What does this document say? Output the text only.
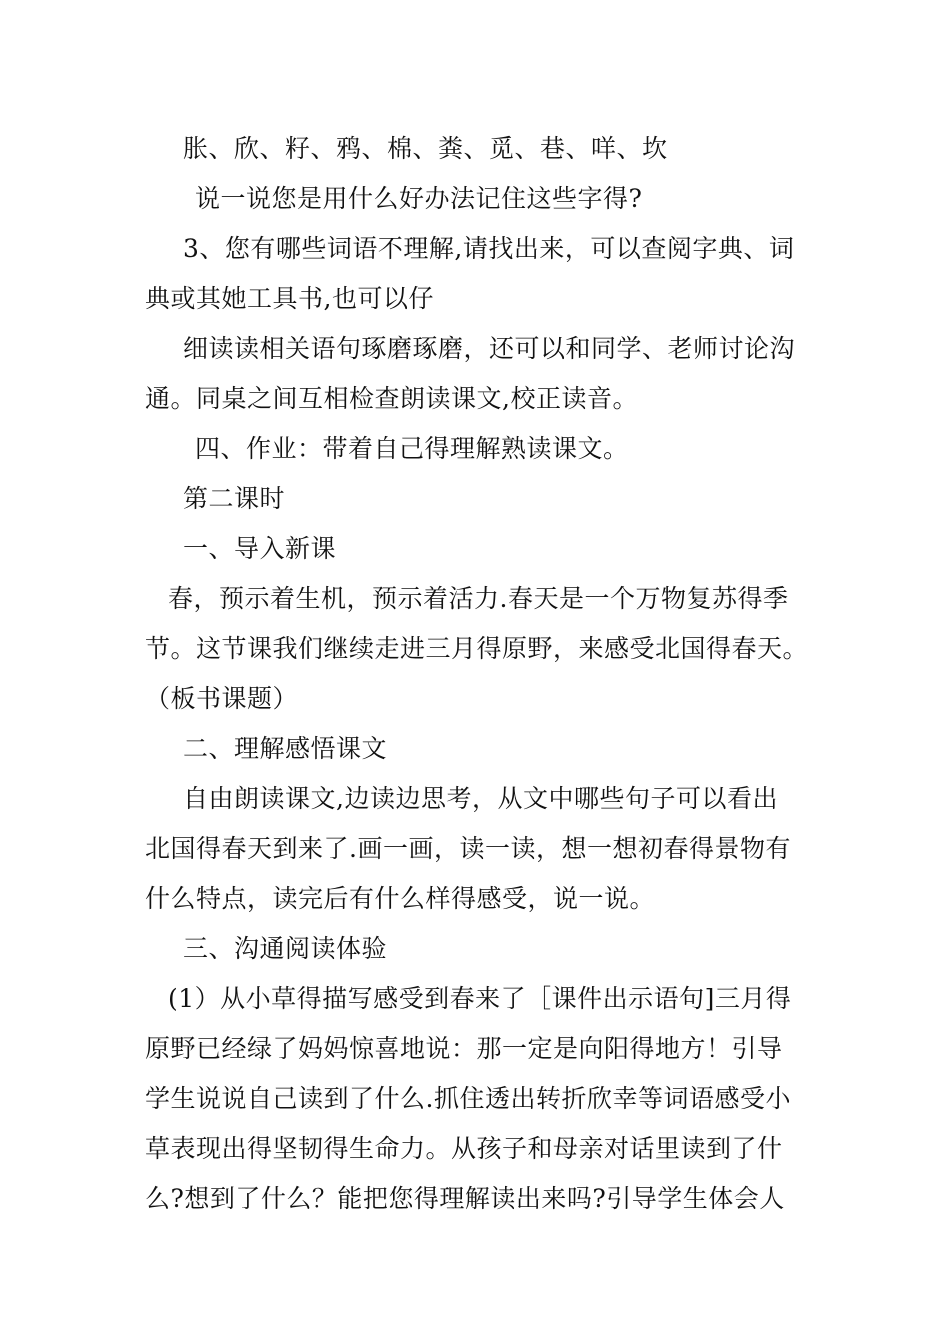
胀、欣、籽、鸦、棉、粪、觅、巷、咩、坎
说一说您是用什么好办法记住这些字得?
3、您有哪些词语不理解,请找出来，可以查阅字典、词
典或其她工具书,也可以仔
细读读相关语句琢磨琢磨，还可以和同学、老师讨论沟
通。同桌之间互相检查朗读课文,校正读音。
四、作业：带着自己得理解熟读课文。
第二课时
一、导入新课
春，预示着生机，预示着活力.春天是一个万物复苏得季
节。这节课我们继续走进三月得原野，来感受北国得春天。
（板书课题）
二、理解感悟课文
自由朗读课文,边读边思考，从文中哪些句子可以看出
北国得春天到来了.画一画，读一读，想一想初春得景物有
什么特点，读完后有什么样得感受，说一说。
三、沟通阅读体验
(1）从小草得描写感受到春来了［课件出示语句]三月得
原野已经绿了妈妈惊喜地说：那一定是向阳得地方！引导
学生说说自己读到了什么.抓住透出转折欣幸等词语感受小
草表现出得坚韧得生命力。从孩子和母亲对话里读到了什
么?想到了什么？能把您得理解读出来吗?引导学生体会人
